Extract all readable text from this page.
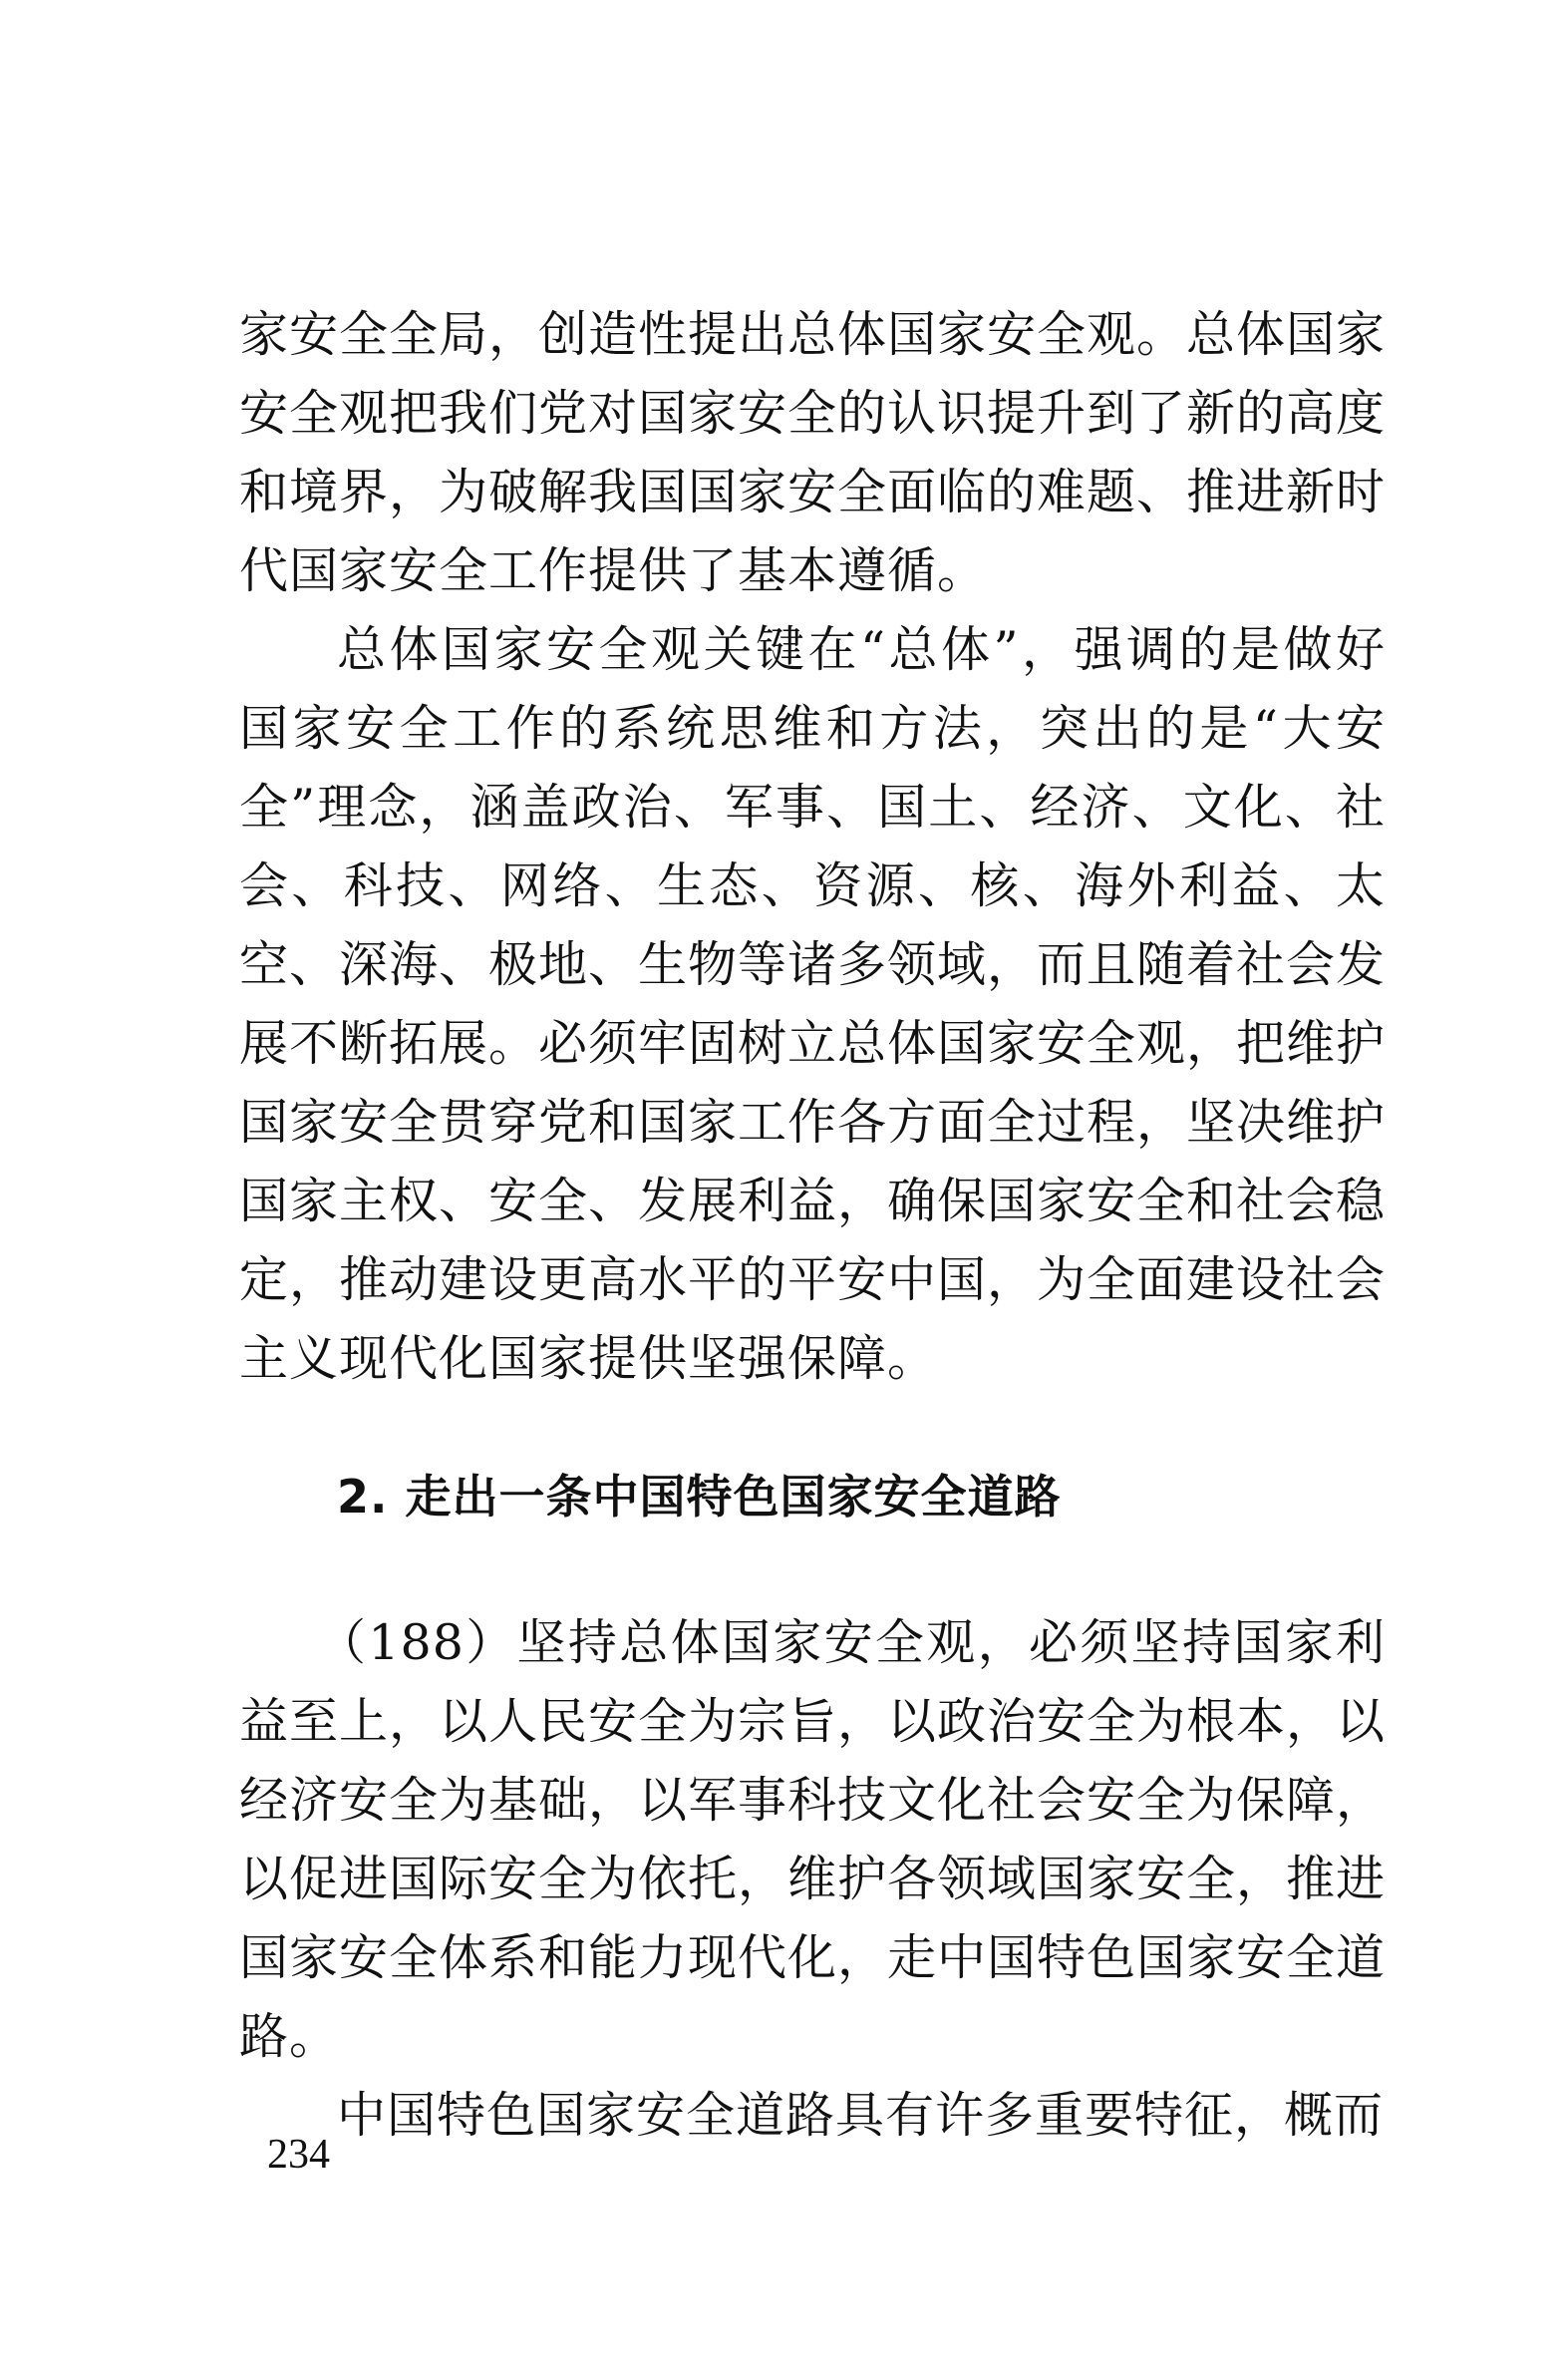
家安全全局，创造性提出总体国家安全观。总体国家安全观把我们党对国家安全的认识提升到了新的高度和境界，为破解我国国家安全面临的难题、推进新时代国家安全工作提供了基本遵循。

总体国家安全观关键在“总体”，强调的是做好国家安全工作的系统思维和方法，突出的是“大安全”理念，涵盖政治、军事、国土、经济、文化、社会、科技、网络、生态、资源、核、海外利益、太空、深海、极地、生物等诸多领域，而且随着社会发展不断拓展。必须牢固树立总体国家安全观，把维护国家安全贯穿党和国家工作各方面全过程，坚决维护国家主权、安全、发展利益，确保国家安全和社会稳定，推动建设更高水平的平安中国，为全面建设社会主义现代化国家提供坚强保障。

2. 走出一条中国特色国家安全道路

（188）坚持总体国家安全观，必须坚持国家利益至上，以人民安全为宗旨，以政治安全为根本，以经济安全为基础，以军事科技文化社会安全为保障，以促进国际安全为依托，维护各领域国家安全，推进国家安全体系和能力现代化，走中国特色国家安全道路。

中国特色国家安全道路具有许多重要特征，概而

234
